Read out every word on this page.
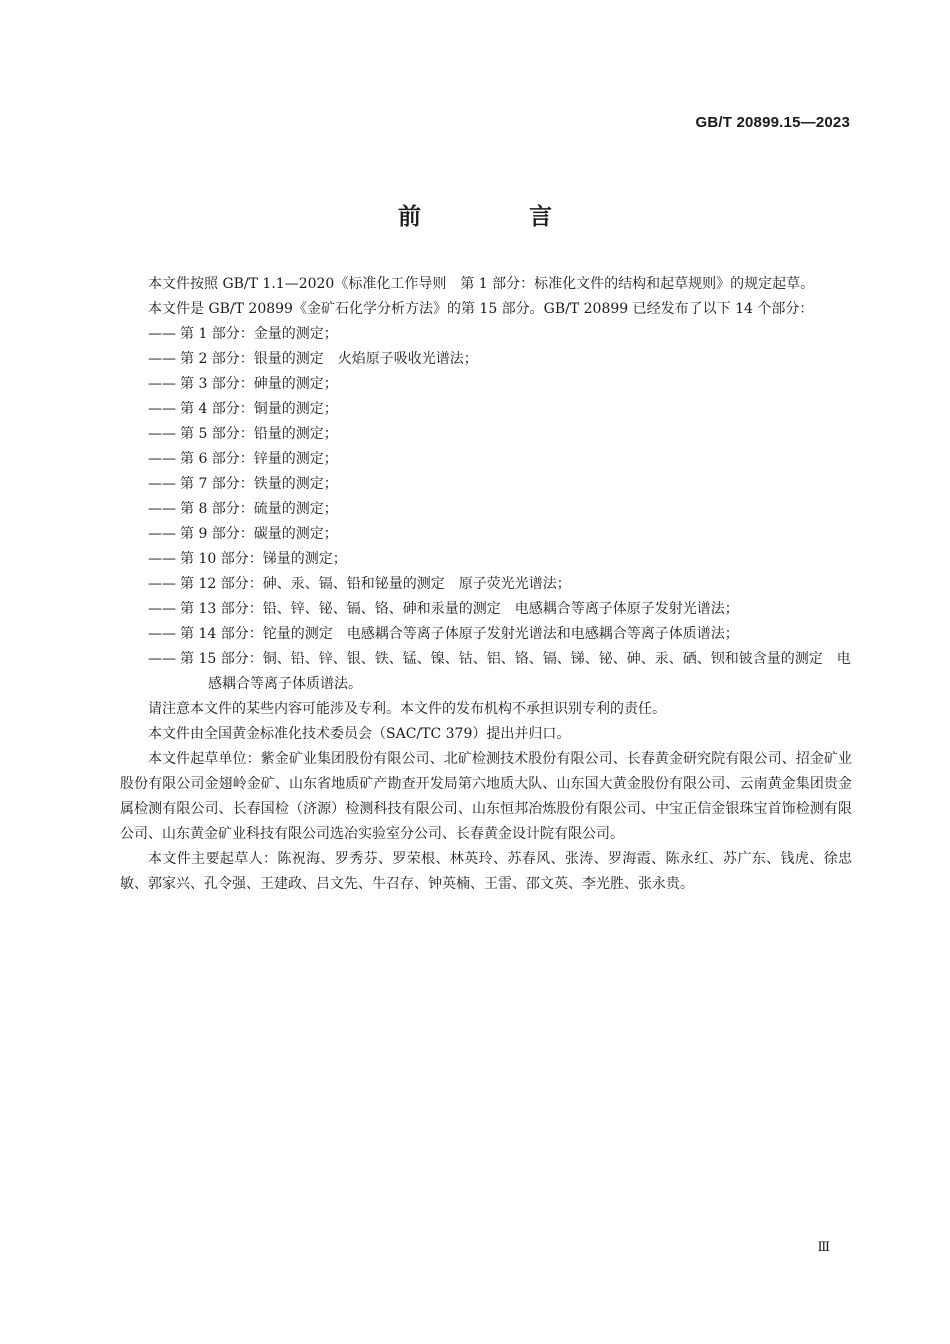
GB/T 20899.15—2023
前 言

本文件按照 GB/T 1.1—2020《标准化工作导则　第 1 部分：标准化文件的结构和起草规则》的规定起草。

本文件是 GB/T 20899《金矿石化学分析方法》的第 15 部分。GB/T 20899 已经发布了以下 14 个部分：

—— 第 1 部分：金量的测定；
—— 第 2 部分：银量的测定　火焰原子吸收光谱法；
—— 第 3 部分：砷量的测定；
—— 第 4 部分：铜量的测定；
—— 第 5 部分：铅量的测定；
—— 第 6 部分：锌量的测定；
—— 第 7 部分：铁量的测定；
—— 第 8 部分：硫量的测定；
—— 第 9 部分：碳量的测定；
—— 第 10 部分：锑量的测定；
—— 第 12 部分：砷、汞、镉、铅和铋量的测定　原子荧光光谱法；
—— 第 13 部分：铅、锌、铋、镉、铬、砷和汞量的测定　电感耦合等离子体原子发射光谱法；
—— 第 14 部分：铊量的测定　电感耦合等离子体原子发射光谱法和电感耦合等离子体质谱法；
—— 第 15 部分：铜、铅、锌、银、铁、锰、镍、钴、铝、铬、镉、锑、铋、砷、汞、硒、钡和铍含量的测定　电感耦合等离子体质谱法。

请注意本文件的某些内容可能涉及专利。本文件的发布机构不承担识别专利的责任。

本文件由全国黄金标准化技术委员会（SAC/TC 379）提出并归口。

本文件起草单位：紫金矿业集团股份有限公司、北矿检测技术股份有限公司、长春黄金研究院有限公司、招金矿业股份有限公司金翅岭金矿、山东省地质矿产勘查开发局第六地质大队、山东国大黄金股份有限公司、云南黄金集团贵金属检测有限公司、长春国检（济源）检测科技有限公司、山东恒邦冶炼股份有限公司、中宝正信金银珠宝首饰检测有限公司、山东黄金矿业科技有限公司选冶实验室分公司、长春黄金设计院有限公司。

本文件主要起草人：陈祝海、罗秀芬、罗荣根、林英玲、苏春风、张涛、罗海霞、陈永红、苏广东、钱虎、徐忠敏、郭家兴、孔令强、王建政、吕文先、牛召存、钟英楠、王雷、邵文英、李光胜、张永贵。

Ⅲ
